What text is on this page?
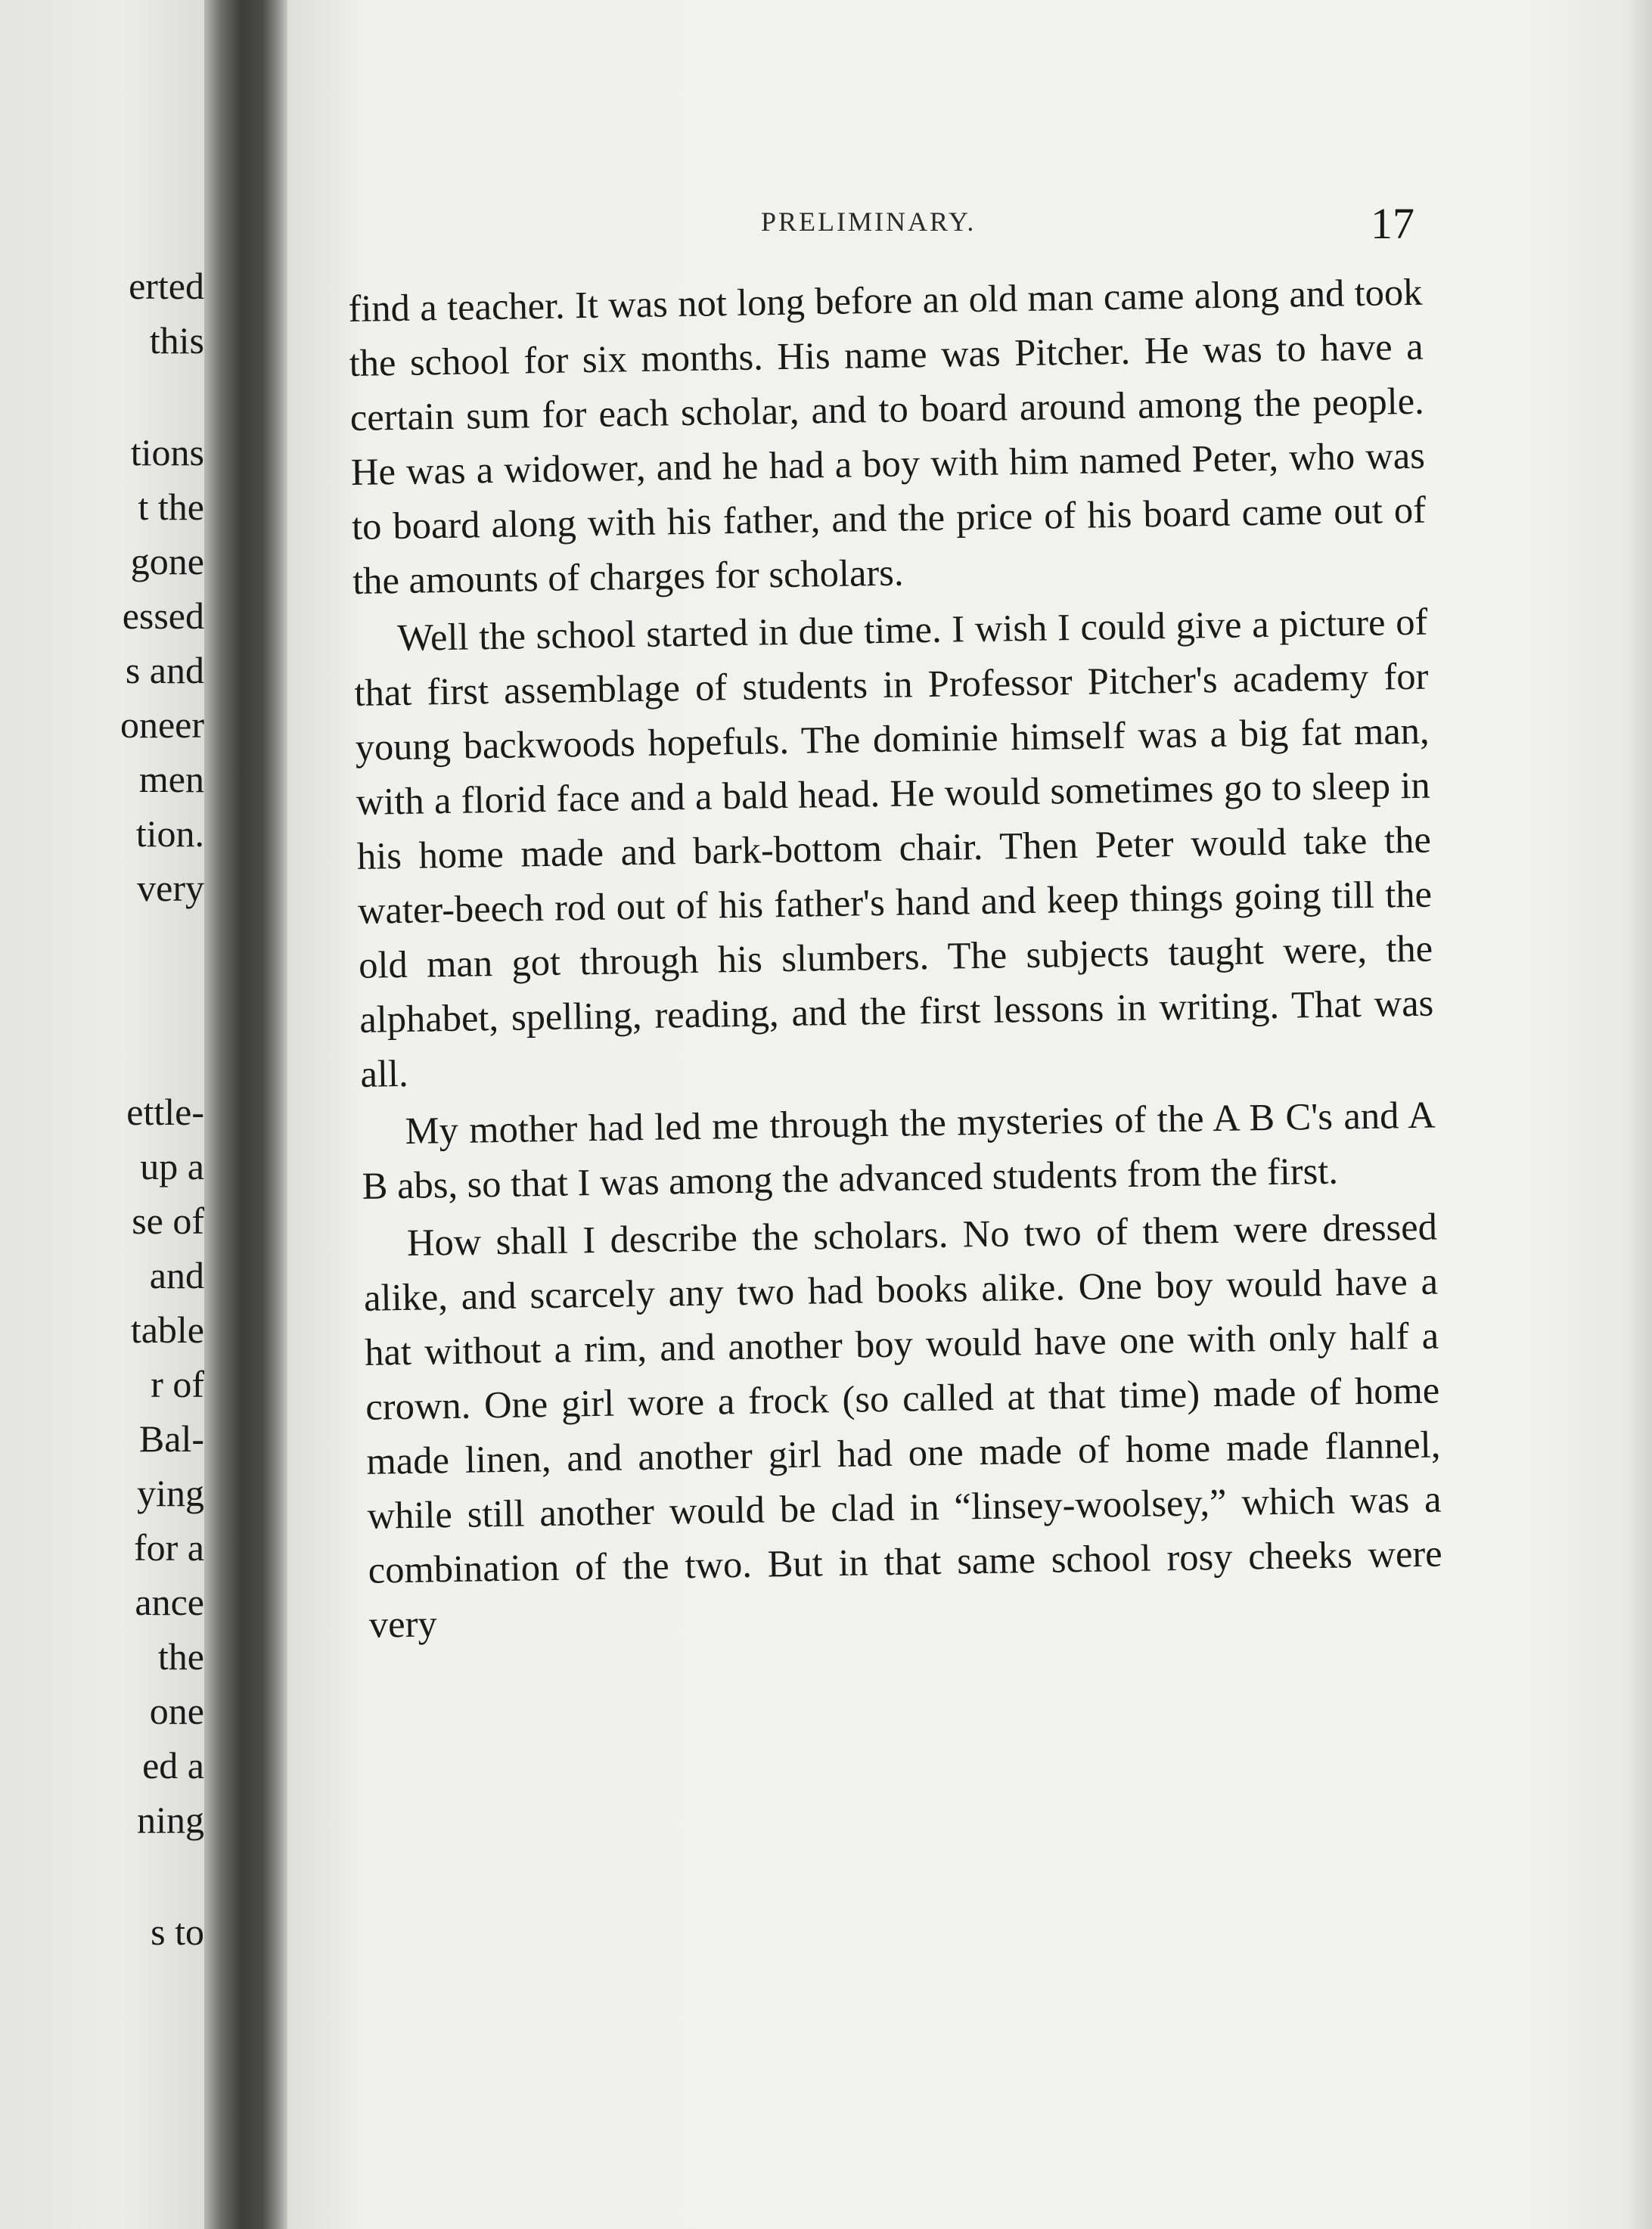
erted
this
tions
t the
gone
essed
s and
oneer
men
tion.
very
ettle-
up a
se of
and
table
r of
Bal-
ying
for a
ance
the
one
ed a
ning
s to
PRELIMINARY.	17

find a teacher. It was not long before an old man came along and took the school for six months. His name was Pitcher. He was to have a certain sum for each scholar, and to board around among the people. He was a widower, and he had a boy with him named Peter, who was to board along with his father, and the price of his board came out of the amounts of charges for scholars.

Well the school started in due time. I wish I could give a picture of that first assemblage of students in Professor Pitcher's academy for young backwoods hopefuls. The dominie himself was a big fat man, with a florid face and a bald head. He would sometimes go to sleep in his home made and bark-bottom chair. Then Peter would take the water-beech rod out of his father's hand and keep things going till the old man got through his slumbers. The subjects taught were, the alphabet, spelling, reading, and the first lessons in writing. That was all.

My mother had led me through the mysteries of the A B C's and A B abs, so that I was among the advanced students from the first.

How shall I describe the scholars. No two of them were dressed alike, and scarcely any two had books alike. One boy would have a hat without a rim, and another boy would have one with only half a crown. One girl wore a frock (so called at that time) made of home made linen, and another girl had one made of home made flannel, while still another would be clad in “linsey-woolsey,” which was a combination of the two. But in that same school rosy cheeks were very
